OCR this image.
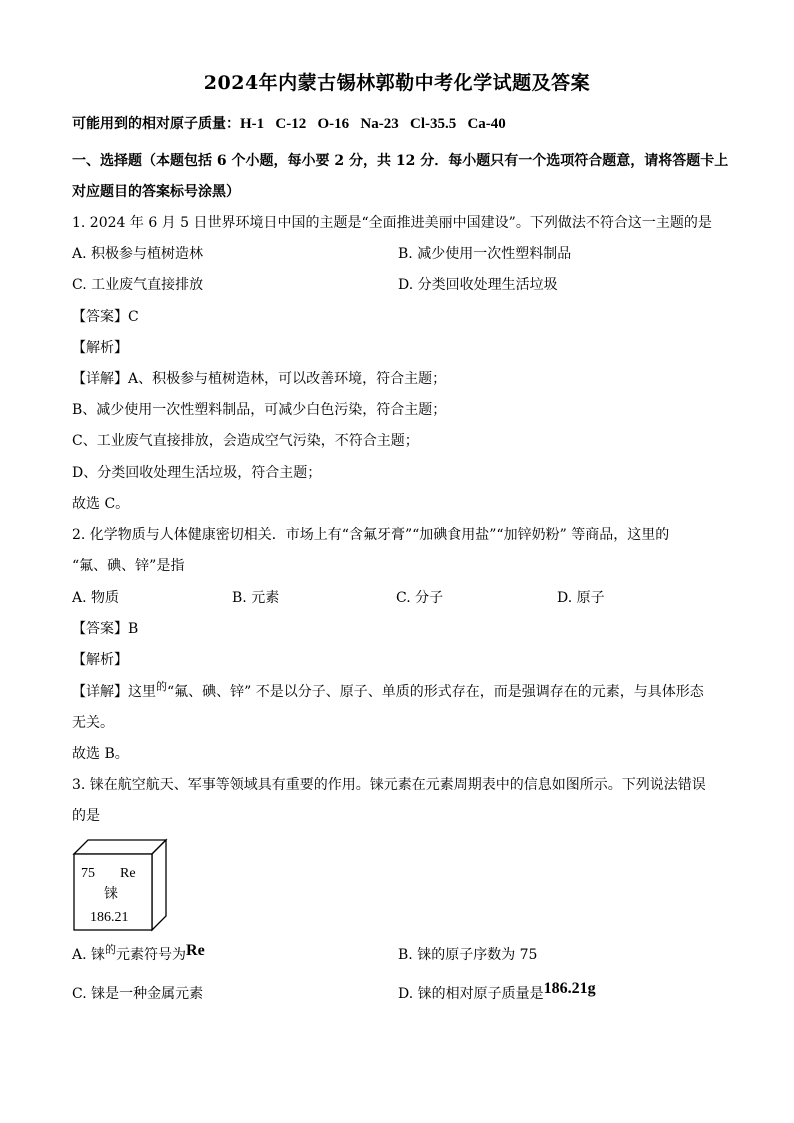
2024年内蒙古锡林郭勒中考化学试题及答案
可能用到的相对原子质量：H-1   C-12   O-16   Na-23   Cl-35.5   Ca-40
一、选择题（本题包括 6 个小题，每小要 2 分，共 12 分．每小题只有一个选项符合题意，请将答题卡上
对应题目的答案标号涂黑）
1. 2024 年 6 月 5 日世界环境日中国的主题是“全面推进美丽中国建设”。下列做法不符合这一主题的是
A. 积极参与植树造林	B. 减少使用一次性塑料制品
C. 工业废气直接排放	D. 分类回收处理生活垃圾
【答案】C
【解析】
【详解】A、积极参与植树造林，可以改善环境，符合主题；
B、减少使用一次性塑料制品，可减少白色污染，符合主题；
C、工业废气直接排放，会造成空气污染，不符合主题；
D、分类回收处理生活垃圾，符合主题；
故选 C。
2. 化学物质与人体健康密切相关．市场上有“含氟牙膏”“加碘食用盐”“加锌奶粉” 等商品，这里的
“氟、碘、锌”是指
A. 物质	B. 元素	C. 分子	D. 原子
【答案】B
【解析】
【详解】这里$^的$“氟、碘、锌” 不是以分子、原子、单质的形式存在，而是强调存在的元素，与具体形态
无关。
故选 B。
3. 铼在航空航天、军事等领域具有重要的作用。铼元素在元素周期表中的信息如图所示。下列说法错误
的是
75 Re
铼
186.21
A. 铼$^的$元素符号为Re	B. 铼的原子序数为 75
C. 铼是一种金属元素	D. 铼的相对原子质量是186.21g
